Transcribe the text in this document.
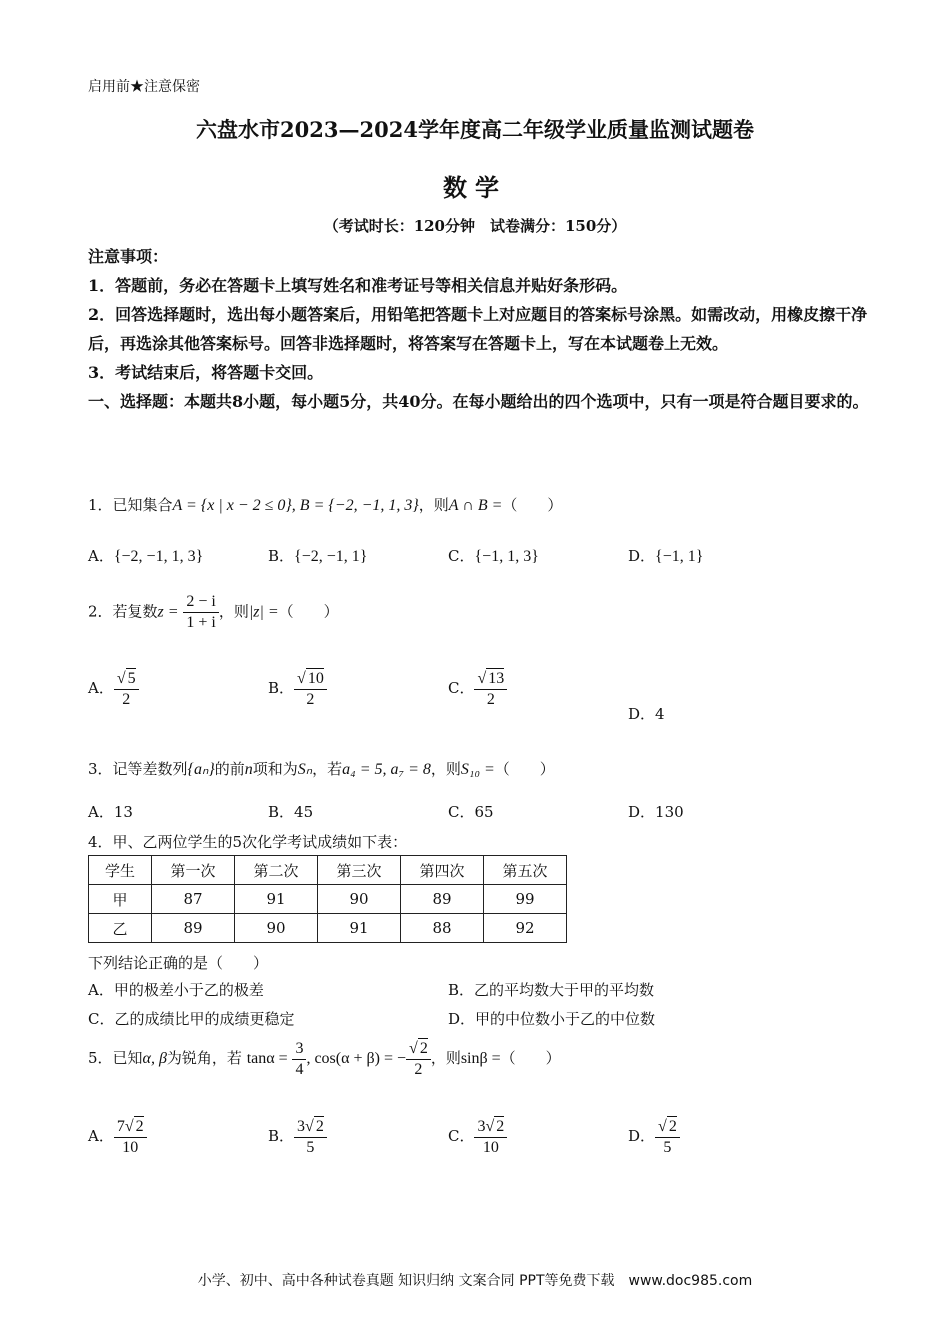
启用前★注意保密
六盘水市2023—2024学年度高二年级学业质量监测试题卷
数学
（考试时长：120分钟　试卷满分：150分）
注意事项：
1．答题前，务必在答题卡上填写姓名和准考证号等相关信息并贴好条形码。
2．回答选择题时，选出每小题答案后，用铅笔把答题卡上对应题目的答案标号涂黑。如需改动，用橡皮擦干净后，再选涂其他答案标号。回答非选择题时，将答案写在答题卡上，写在本试题卷上无效。
3．考试结束后，将答题卡交回。
一、选择题：本题共8小题，每小题5分，共40分。在每小题给出的四个选项中，只有一项是符合题目要求的。
1．已知集合A = {x | x − 2 ≤ 0}, B = {−2, −1, 1, 3}，则A ∩ B =（　　）
A．{−2, −1, 1, 3}	B．{−2, −1, 1}	C．{−1, 1, 3}	D．{−1, 1}
2．若复数$z = \frac{2 - i}{1 + i}$ ，则|z| =（　　）
A． $\frac{√ 5}{2}$	B． $\frac{√ 10}{2}$	C． $\frac{√ 13}{2}$
D．4
3．记等差数列{aₙ}的前n项和为Sₙ，若a₄ = 5, a₇ = 8，则S₁₀ =（　　）
A．13	B．45	C．65	D．130
4．甲、乙两位学生的5次化学考试成绩如下表：
学生	第一次	第二次	第三次	第四次	第五次
甲	87	91	90	89	99
乙	89	90	91	88	92
下列结论正确的是（　　）
A．甲的极差小于乙的极差	B．乙的平均数大于甲的平均数
C．乙的成绩比甲的成绩更稳定	D．甲的中位数小于乙的中位数
5．已知α, β为锐角，若 $\tan\alpha = \frac{3}{4}$ , cos(α + β) = − $\frac{√ 2}{2}$ ，则sinβ =（　　）
A． $\frac{7√ 2}{10}$	B． $\frac{3√ 2}{5}$	C． $\frac{3√ 2}{10}$	D． $\frac{√ 2}{5}$
小学、初中、高中各种试卷真题 知识归纳 文案合同 PPT等免费下载　www.doc985.com
